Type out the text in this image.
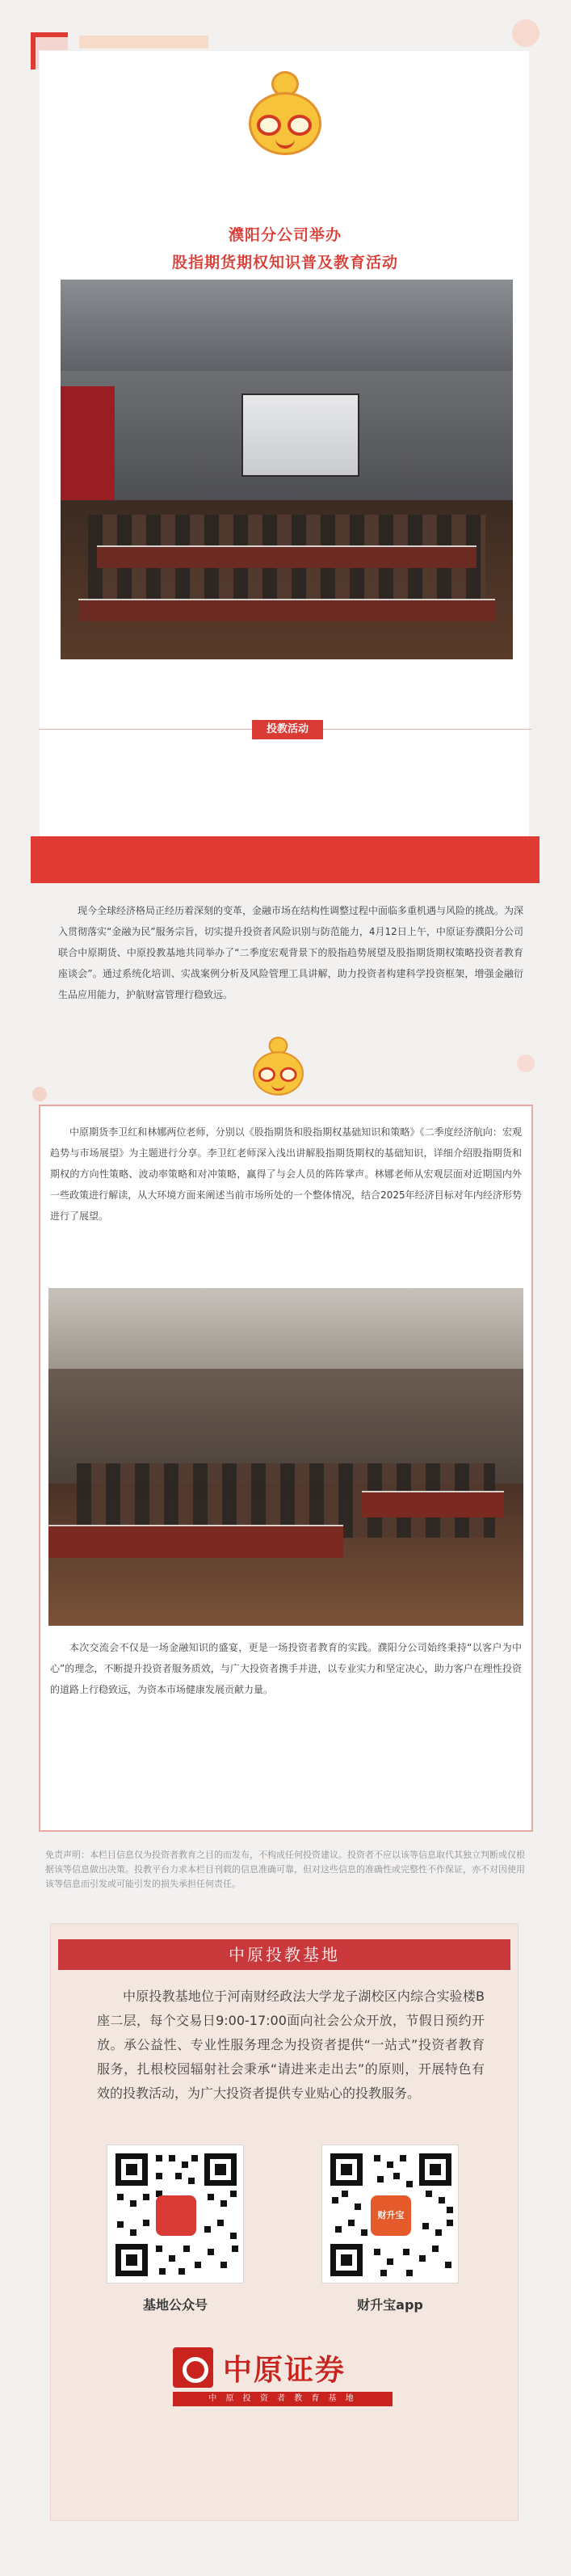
濮阳分公司举办
股指期货期权知识普及教育活动
投教活动
现今全球经济格局正经历着深刻的变革，金融市场在结构性调整过程中面临多重机遇与风险的挑战。为深入贯彻落实“金融为民”服务宗旨，切实提升投资者风险识别与防范能力，4月12日上午，中原证券濮阳分公司联合中原期货、中原投教基地共同举办了“二季度宏观背景下的股指趋势展望及股指期货期权策略投资者教育座谈会”。通过系统化培训、实战案例分析及风险管理工具讲解，助力投资者构建科学投资框架，增强金融衍生品应用能力，护航财富管理行稳致远。
中原期货李卫红和林娜两位老师，分别以《股指期货和股指期权基础知识和策略》《二季度经济航向：宏观趋势与市场展望》为主题进行分享。李卫红老师深入浅出讲解股指期货期权的基础知识，详细介绍股指期货和期权的方向性策略、波动率策略和对冲策略，赢得了与会人员的阵阵掌声。林娜老师从宏观层面对近期国内外一些政策进行解读，从大环境方面来阐述当前市场所处的一个整体情况，结合2025年经济目标对年内经济形势进行了展望。
本次交流会不仅是一场金融知识的盛宴，更是一场投资者教育的实践。濮阳分公司始终秉持“以客户为中心”的理念，不断提升投资者服务质效，与广大投资者携手并进，以专业实力和坚定决心，助力客户在理性投资的道路上行稳致远，为资本市场健康发展贡献力量。
免责声明：本栏目信息仅为投资者教育之目的而发布，不构成任何投资建议。投资者不应以该等信息取代其独立判断或仅根据该等信息做出决策。投教平台力求本栏目刊载的信息准确可靠，但对这些信息的准确性或完整性不作保证，亦不对因使用该等信息而引发或可能引发的损失承担任何责任。
中原投教基地
中原投教基地位于河南财经政法大学龙子湖校区内综合实验楼B座二层，每个交易日9:00-17:00面向社会公众开放，节假日预约开放。承公益性、专业性服务理念为投资者提供“一站式”投资者教育服务，扎根校园辐射社会秉承“请进来走出去”的原则，开展特色有效的投教活动，为广大投资者提供专业贴心的投教服务。
基地公众号
财升宝
财升宝app
中原证券
中 原 投 资 者 教 育 基 地
